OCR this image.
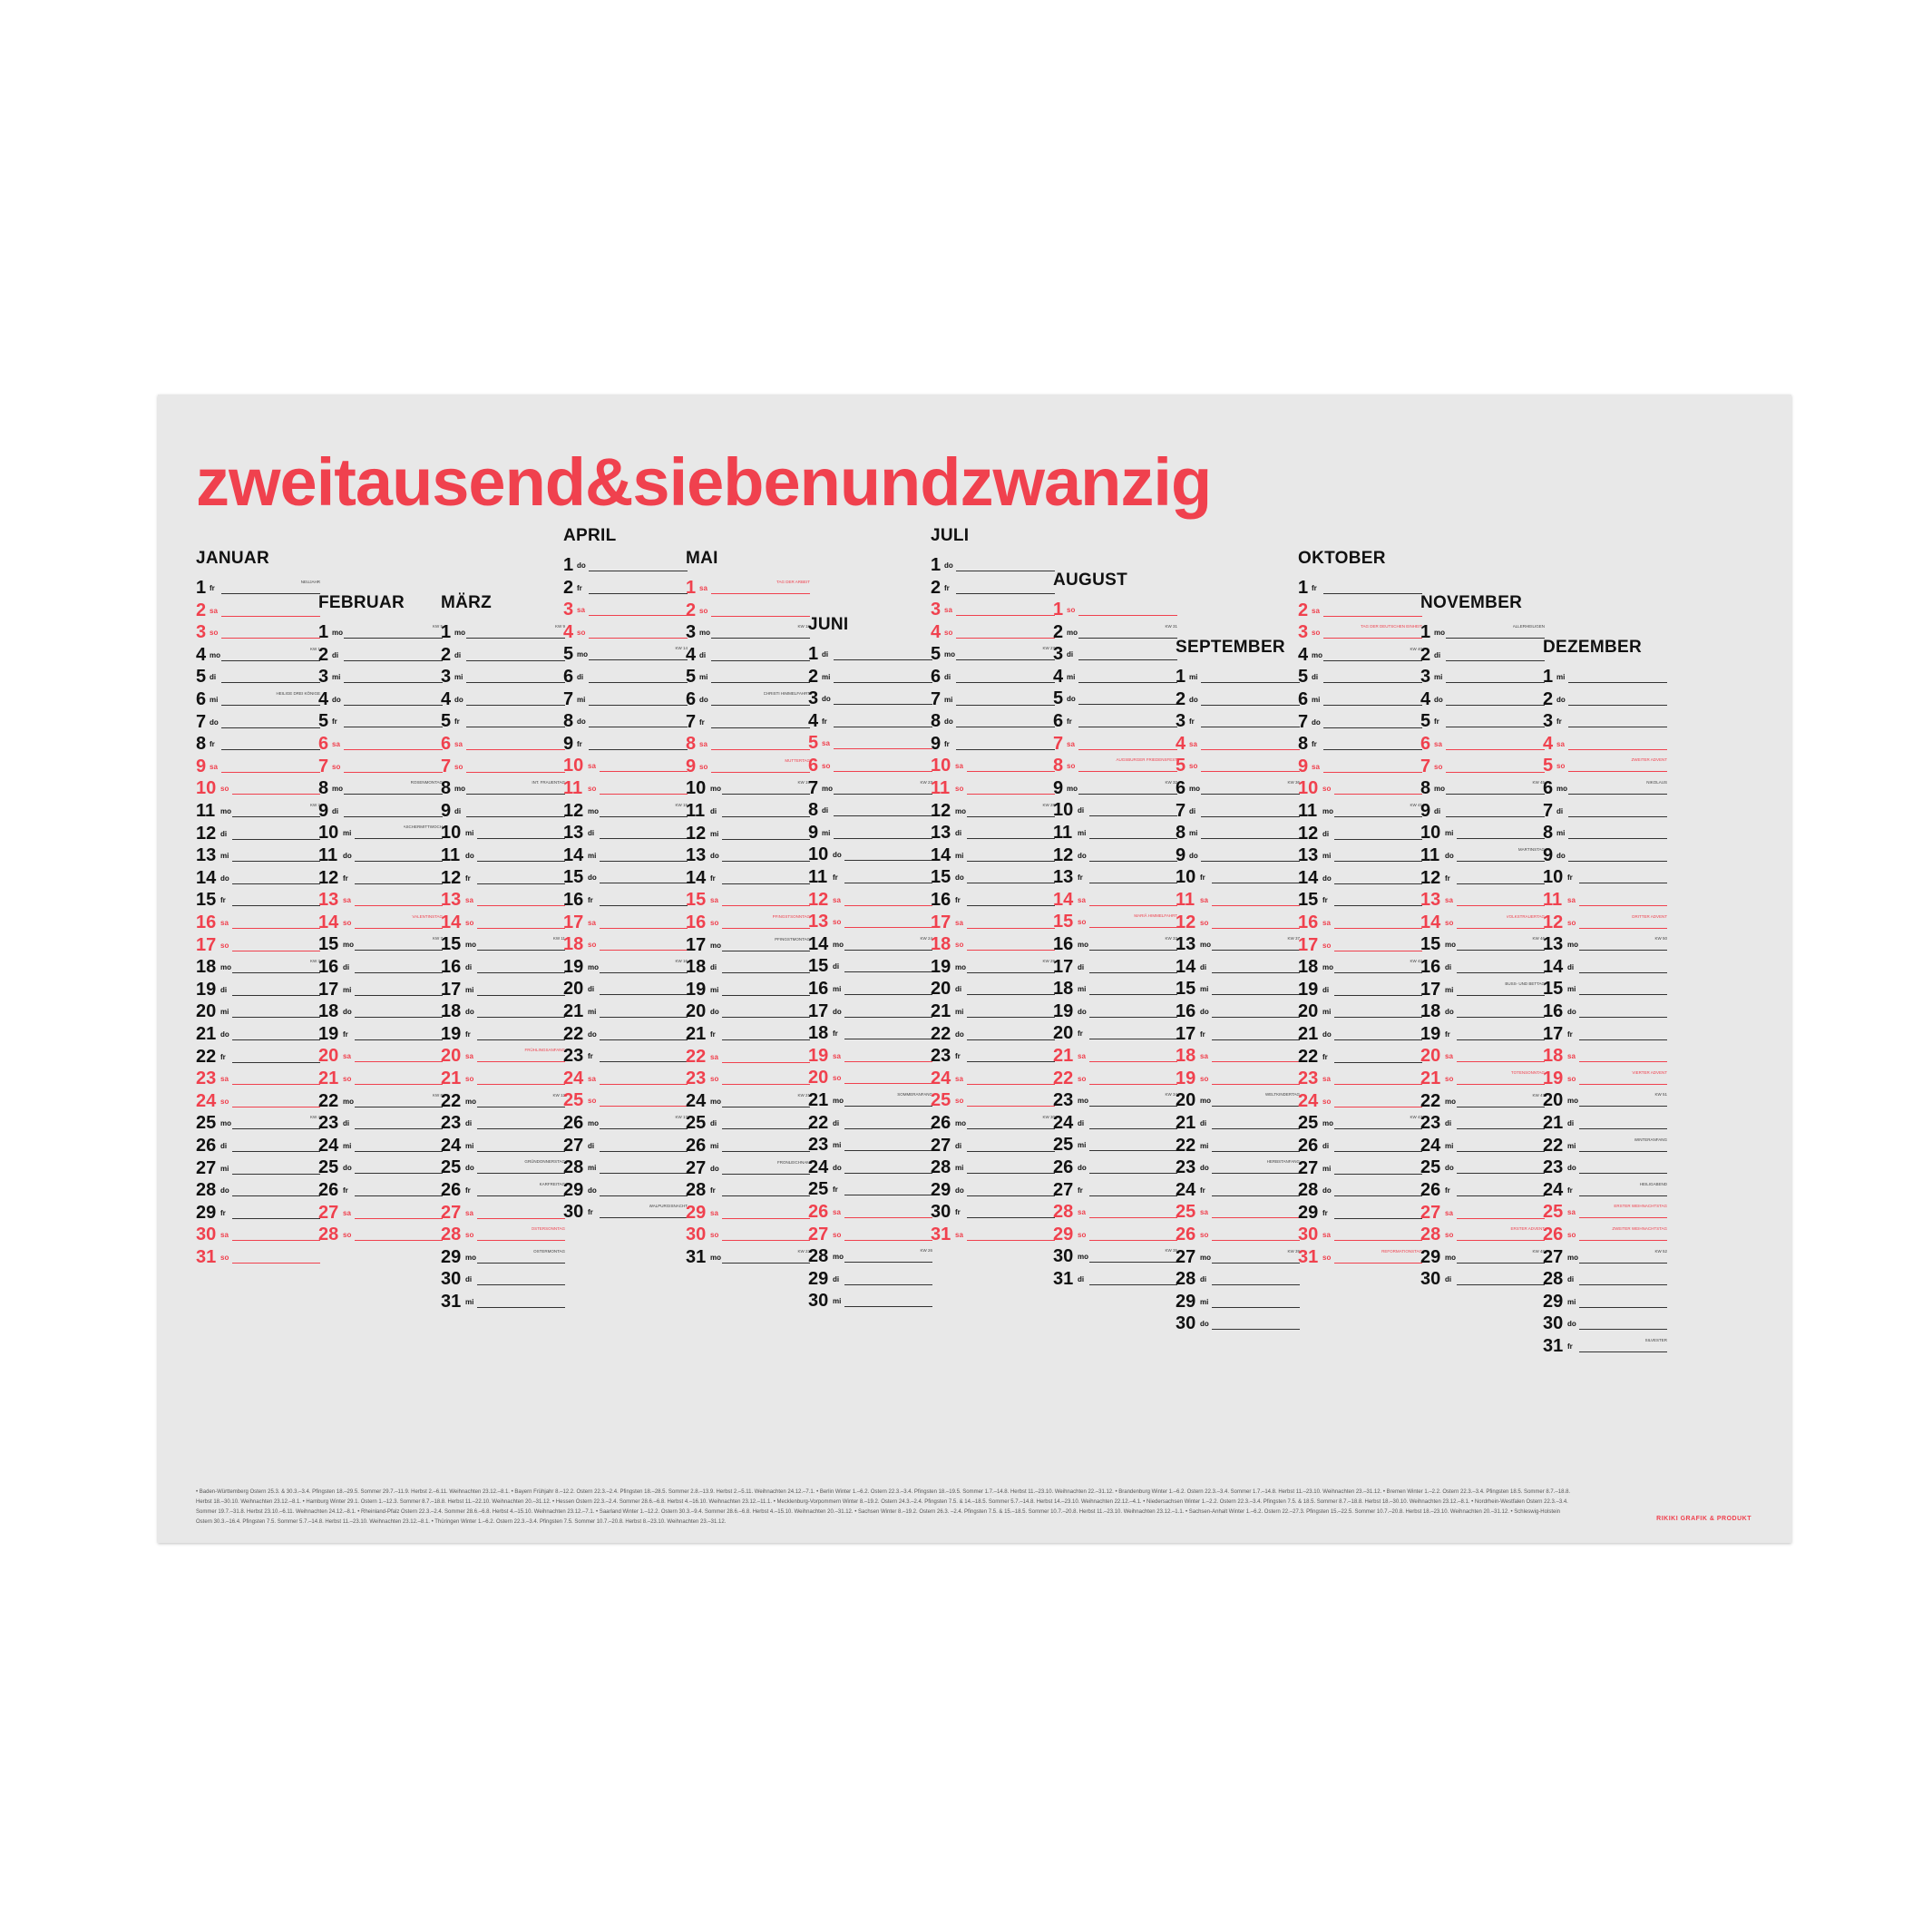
zweitausend&siebenundzwanzig
JANUAR
1 fr
NEUJAHR
2 sa
3 so
4 mo
KW 1
5 di
6 mi
HEILIGE DREI KÖNIGE
7 do
8 fr
9 sa
10 so
11 mo
KW 2
12 di
13 mi
14 do
15 fr
16 sa
17 so
18 mo
KW 3
19 di
20 mi
21 do
22 fr
23 sa
24 so
25 mo
KW 4
26 di
27 mi
28 do
29 fr
30 sa
31 so
FEBRUAR
1 mo
KW 5
2 di
3 mi
4 do
5 fr
6 sa
7 so
8 mo
ROSENMONTAG
9 di
10 mi
ASCHERMITTWOCH
11 do
12 fr
13 sa
14 so
VALENTINSTAG
15 mo
KW 7
16 di
17 mi
18 do
19 fr
20 sa
21 so
22 mo
KW 8
23 di
24 mi
25 do
26 fr
27 sa
28 so
MÄRZ
1 mo
KW 9
2 di
3 mi
4 do
5 fr
6 sa
7 so
8 mo
INT. FRAUENTAG
9 di
10 mi
11 do
12 fr
13 sa
14 so
15 mo
KW 11
16 di
17 mi
18 do
19 fr
20 sa
FRÜHLINGSANFANG
21 so
22 mo
KW 12
23 di
24 mi
25 do
GRÜNDONNERSTAG
26 fr
KARFREITAG
27 sa
28 so
OSTERSONNTAG
29 mo
OSTERMONTAG
30 di
31 mi
APRIL
1 do
2 fr
3 sa
4 so
5 mo
KW 14
6 di
7 mi
8 do
9 fr
10 sa
11 so
12 mo
KW 15
13 di
14 mi
15 do
16 fr
17 sa
18 so
19 mo
KW 16
20 di
21 mi
22 do
23 fr
24 sa
25 so
26 mo
KW 17
27 di
28 mi
29 do
30 fr
WALPURGISNACHT
MAI
1 sa
TAG DER ARBEIT
2 so
3 mo
KW 18
4 di
5 mi
6 do
CHRISTI HIMMELFAHRT
7 fr
8 sa
9 so
MUTTERTAG
10 mo
KW 19
11 di
12 mi
13 do
14 fr
15 sa
16 so
PFINGSTSONNTAG
17 mo
PFINGSTMONTAG
18 di
19 mi
20 do
21 fr
22 sa
23 so
24 mo
KW 21
25 di
26 mi
27 do
FRONLEICHNAM
28 fr
29 sa
30 so
31 mo
KW 22
JUNI
1 di
2 mi
3 do
4 fr
5 sa
6 so
7 mo
KW 23
8 di
9 mi
10 do
11 fr
12 sa
13 so
14 mo
KW 24
15 di
16 mi
17 do
18 fr
19 sa
20 so
21 mo
SOMMERANFANG
22 di
23 mi
24 do
25 fr
26 sa
27 so
28 mo
KW 26
29 di
30 mi
JULI
1 do
2 fr
3 sa
4 so
5 mo
KW 27
6 di
7 mi
8 do
9 fr
10 sa
11 so
12 mo
KW 28
13 di
14 mi
15 do
16 fr
17 sa
18 so
19 mo
KW 29
20 di
21 mi
22 do
23 fr
24 sa
25 so
26 mo
KW 30
27 di
28 mi
29 do
30 fr
31 sa
AUGUST
1 so
2 mo
KW 31
3 di
4 mi
5 do
6 fr
7 sa
8 so
AUGSBURGER FRIEDENSFEST
9 mo
KW 32
10 di
11 mi
12 do
13 fr
14 sa
15 so
MARIÄ HIMMELFAHRT
16 mo
KW 33
17 di
18 mi
19 do
20 fr
21 sa
22 so
23 mo
KW 34
24 di
25 mi
26 do
27 fr
28 sa
29 so
30 mo
KW 35
31 di
SEPTEMBER
1 mi
2 do
3 fr
4 sa
5 so
6 mo
KW 36
7 di
8 mi
9 do
10 fr
11 sa
12 so
13 mo
KW 37
14 di
15 mi
16 do
17 fr
18 sa
19 so
20 mo
WELTKINDERTAG
21 di
22 mi
23 do
HERBSTANFANG
24 fr
25 sa
26 so
27 mo
KW 39
28 di
29 mi
30 do
OKTOBER
1 fr
2 sa
3 so
TAG DER DEUTSCHEN EINHEIT
4 mo
KW 40
5 di
6 mi
7 do
8 fr
9 sa
10 so
11 mo
KW 41
12 di
13 mi
14 do
15 fr
16 sa
17 so
18 mo
KW 42
19 di
20 mi
21 do
22 fr
23 sa
24 so
25 mo
KW 43
26 di
27 mi
28 do
29 fr
30 sa
31 so
REFORMATIONSTAG
NOVEMBER
1 mo
ALLERHEILIGEN
2 di
3 mi
4 do
5 fr
6 sa
7 so
8 mo
KW 45
9 di
10 mi
11 do
MARTINSTAG
12 fr
13 sa
14 so
VOLKSTRAUERTAG
15 mo
KW 46
16 di
17 mi
BUSS- UND BETTAG
18 do
19 fr
20 sa
21 so
TOTENSONNTAG
22 mo
KW 47
23 di
24 mi
25 do
26 fr
27 sa
28 so
ERSTER ADVENT
29 mo
KW 48
30 di
DEZEMBER
1 mi
2 do
3 fr
4 sa
5 so
ZWEITER ADVENT
6 mo
NIKOLAUS
7 di
8 mi
9 do
10 fr
11 sa
12 so
DRITTER ADVENT
13 mo
KW 50
14 di
15 mi
16 do
17 fr
18 sa
19 so
VIERTER ADVENT
20 mo
KW 51
21 di
22 mi
WINTERANFANG
23 do
24 fr
HEILIGABEND
25 sa
ERSTER WEIHNACHTSTAG
26 so
ZWEITER WEIHNACHTSTAG
27 mo
KW 52
28 di
29 mi
30 do
31 fr
SILVESTER

• Baden-Württemberg Ostern 25.3. & 30.3.–3.4. Pfingsten 18.–29.5. Sommer 29.7.–11.9. Herbst 2.–6.11. Weihnachten 23.12.–8.1. • Bayern Frühjahr 8.–12.2. Ostern 22.3.–2.4. Pfingsten 18.–28.5. Sommer 2.8.–13.9. Herbst 2.–5.11. Weihnachten 24.12.–7.1. • Berlin Winter 1.–6.2. Ostern 22.3.–3.4. Pfingsten 18.–19.5. Sommer 1.7.–14.8. Herbst 11.–23.10. Weihnachten 22.–31.12. • Brandenburg Winter 1.–6.2. Ostern 22.3.–3.4. Sommer 1.7.–14.8. Herbst 11.–23.10. Weihnachten 23.–31.12. • Bremen Winter 1.–2.2. Ostern 22.3.–3.4. Pfingsten 18.5. Sommer 8.7.–18.8. Herbst 18.–30.10. Weihnachten 23.12.–8.1. • Hamburg Winter 29.1. Ostern 1.–12.3. Sommer 8.7.–18.8. Herbst 11.–22.10. Weihnachten 20.–31.12. • Hessen Ostern 22.3.–2.4. Sommer 28.6.–6.8. Herbst 4.–16.10. Weihnachten 23.12.–11.1. • Mecklenburg-Vorpommern Winter 8.–19.2. Ostern 24.3.–2.4. Pfingsten 7.5. & 14.–18.5. Sommer 5.7.–14.8. Herbst 14.–23.10. Weihnachten 22.12.–4.1. • Niedersachsen Winter 1.–2.2. Ostern 22.3.–3.4. Pfingsten 7.5. & 18.5. Sommer 8.7.–18.8. Herbst 18.–30.10. Weihnachten 23.12.–8.1. • Nordrhein-Westfalen Ostern 22.3.–3.4. Sommer 19.7.–31.8. Herbst 23.10.–6.11. Weihnachten 24.12.–8.1. • Rheinland-Pfalz Ostern 22.3.–2.4. Sommer 28.6.–6.8. Herbst 4.–15.10. Weihnachten 23.12.–7.1. • Saarland Winter 1.–12.2. Ostern 30.3.–9.4. Sommer 28.6.–6.8. Herbst 4.–15.10. Weihnachten 20.–31.12. • Sachsen Winter 8.–19.2. Ostern 26.3. –2.4. Pfingsten 7.5. & 15.–18.5. Sommer 10.7.–20.8. Herbst 11.–23.10. Weihnachten 23.12.–1.1. • Sachsen-Anhalt Winter 1.–6.2. Ostern 22.–27.3. Pfingsten 15.–22.5. Sommer 10.7.–20.8. Herbst 18.–23.10. Weihnachten 20.–31.12. • Schleswig-Holstein Ostern 30.3.–16.4. Pfingsten 7.5. Sommer 5.7.–14.8. Herbst 11.–23.10. Weihnachten 23.12.–8.1. • Thüringen Winter 1.–6.2. Ostern 22.3.–3.4. Pfingsten 7.5. Sommer 10.7.–20.8. Herbst 8.–23.10. Weihnachten 23.–31.12.	RIKIKI GRAFIK & PRODUKT
